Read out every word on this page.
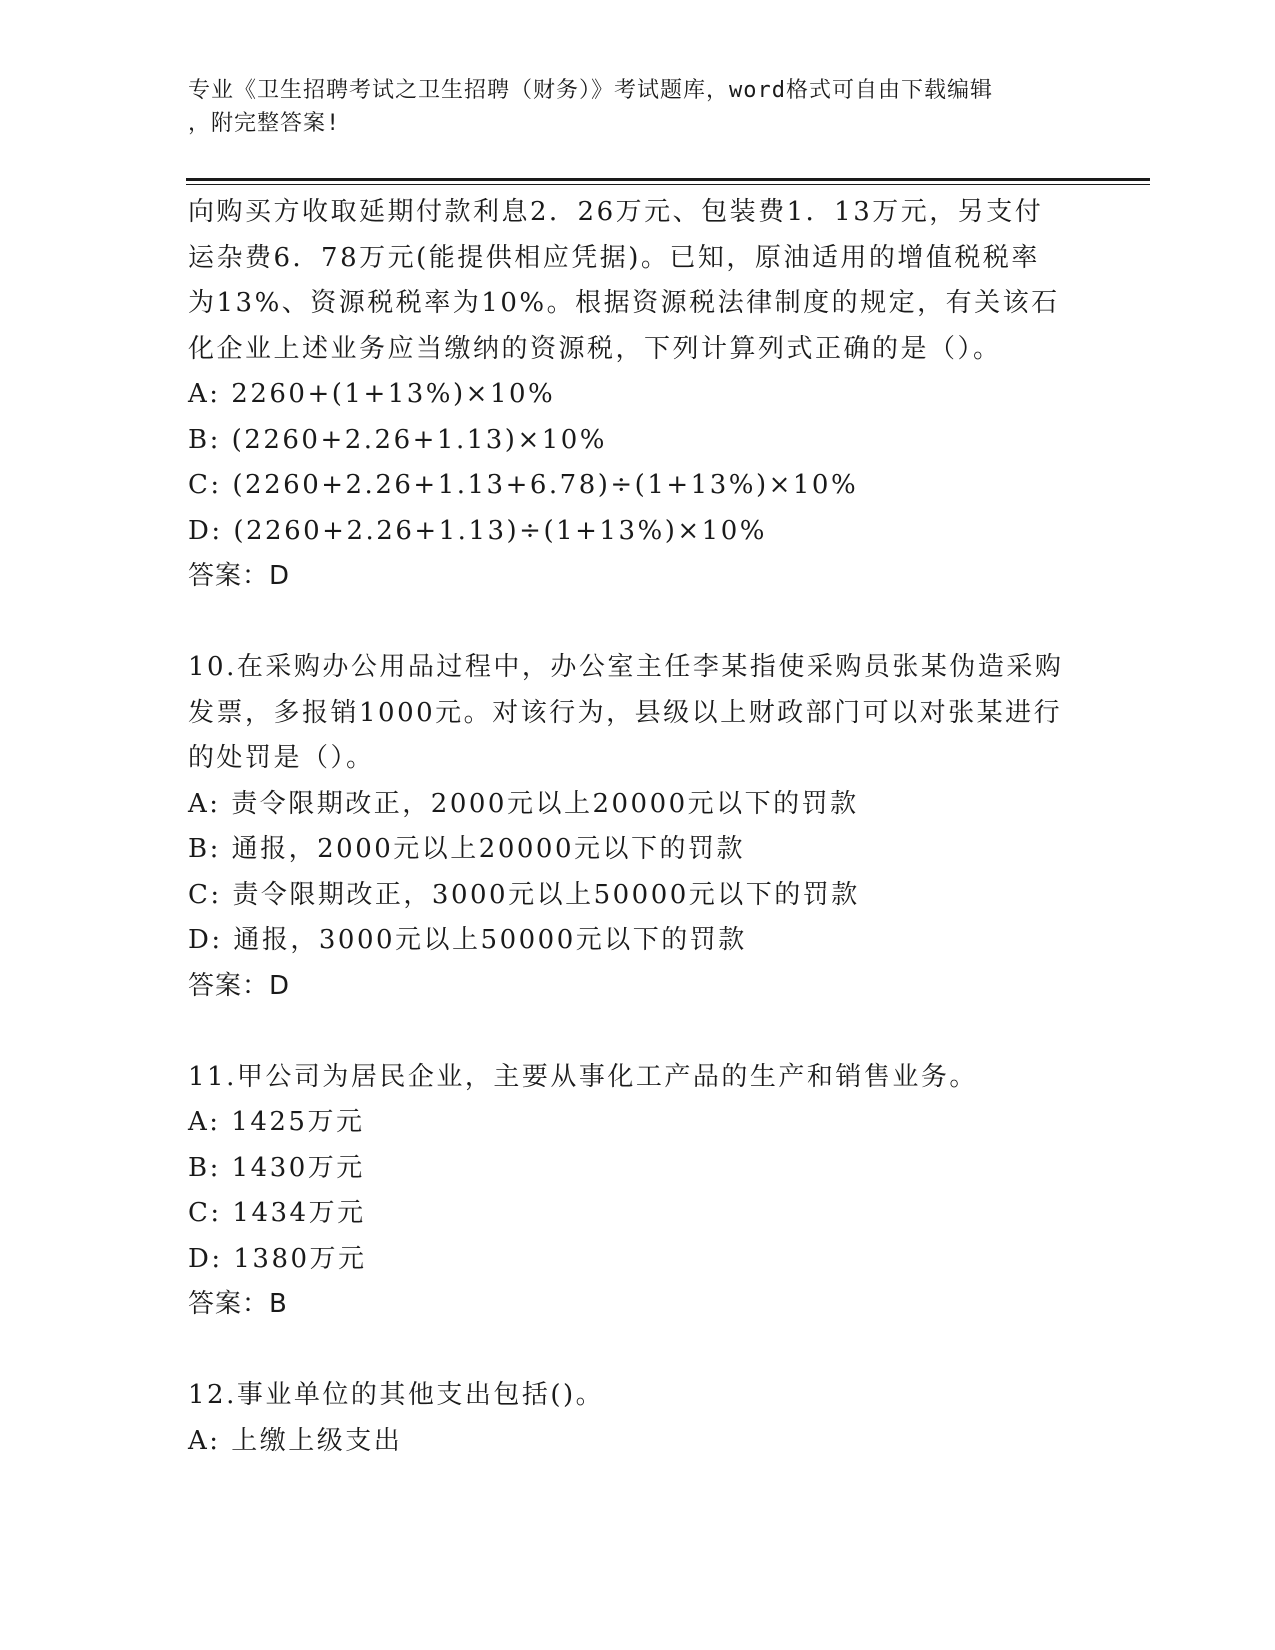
专业《卫生招聘考试之卫生招聘（财务）》考试题库，word格式可自由下载编辑
，附完整答案!
向购买方收取延期付款利息2．26万元、包装费1．13万元，另支付
运杂费6．78万元(能提供相应凭据)。已知，原油适用的增值税税率
为13%、资源税税率为10%。根据资源税法律制度的规定，有关该石
化企业上述业务应当缴纳的资源税，下列计算列式正确的是（）。
A: 2260+(1+13%)×10%
B: (2260+2.26+1.13)×10%
C: (2260+2.26+1.13+6.78)÷(1+13%)×10%
D: (2260+2.26+1.13)÷(1+13%)×10%
答案：D
10.在采购办公用品过程中，办公室主任李某指使采购员张某伪造采购
发票，多报销1000元。对该行为，县级以上财政部门可以对张某进行
的处罚是（）。
A: 责令限期改正，2000元以上20000元以下的罚款
B: 通报，2000元以上20000元以下的罚款
C: 责令限期改正，3000元以上50000元以下的罚款
D: 通报，3000元以上50000元以下的罚款
答案：D
11.甲公司为居民企业，主要从事化工产品的生产和销售业务。
A: 1425万元
B: 1430万元
C: 1434万元
D: 1380万元
答案：B
12.事业单位的其他支出包括()。
A: 上缴上级支出
